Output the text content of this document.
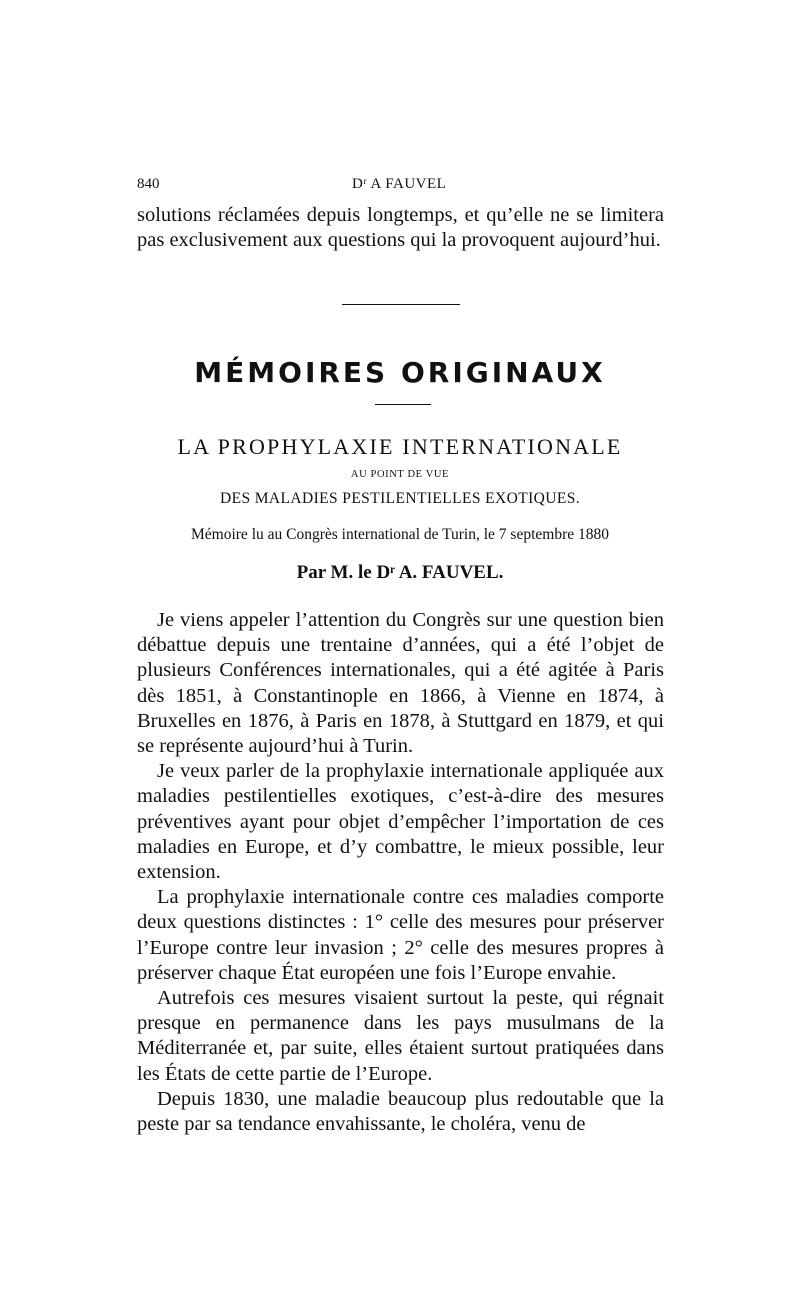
840	Dʳ A FAUVEL

solutions réclamées depuis longtemps, et qu’elle ne se limitera pas exclusivement aux questions qui la provoquent aujourd’hui.

MÉMOIRES ORIGINAUX
LA PROPHYLAXIE INTERNATIONALE
AU POINT DE VUE
DES MALADIES PESTILENTIELLES EXOTIQUES.
Mémoire lu au Congrès international de Turin, le 7 septembre 1880
Par M. le Dʳ A. FAUVEL.

Je viens appeler l’attention du Congrès sur une question bien débattue depuis une trentaine d’années, qui a été l’objet de plusieurs Conférences internationales, qui a été agitée à Paris dès 1851, à Constantinople en 1866, à Vienne en 1874, à Bruxelles en 1876, à Paris en 1878, à Stuttgard en 1879, et qui se représente aujourd’hui à Turin.

Je veux parler de la prophylaxie internationale appliquée aux maladies pestilentielles exotiques, c’est-à-dire des mesures préventives ayant pour objet d’empêcher l’importation de ces maladies en Europe, et d’y combattre, le mieux possible, leur extension.

La prophylaxie internationale contre ces maladies comporte deux questions distinctes : 1° celle des mesures pour préserver l’Europe contre leur invasion ; 2° celle des mesures propres à préserver chaque État européen une fois l’Europe envahie.

Autrefois ces mesures visaient surtout la peste, qui régnait presque en permanence dans les pays musulmans de la Méditerranée et, par suite, elles étaient surtout pratiquées dans les États de cette partie de l’Europe.

Depuis 1830, une maladie beaucoup plus redoutable que la peste par sa tendance envahissante, le choléra, venu de
